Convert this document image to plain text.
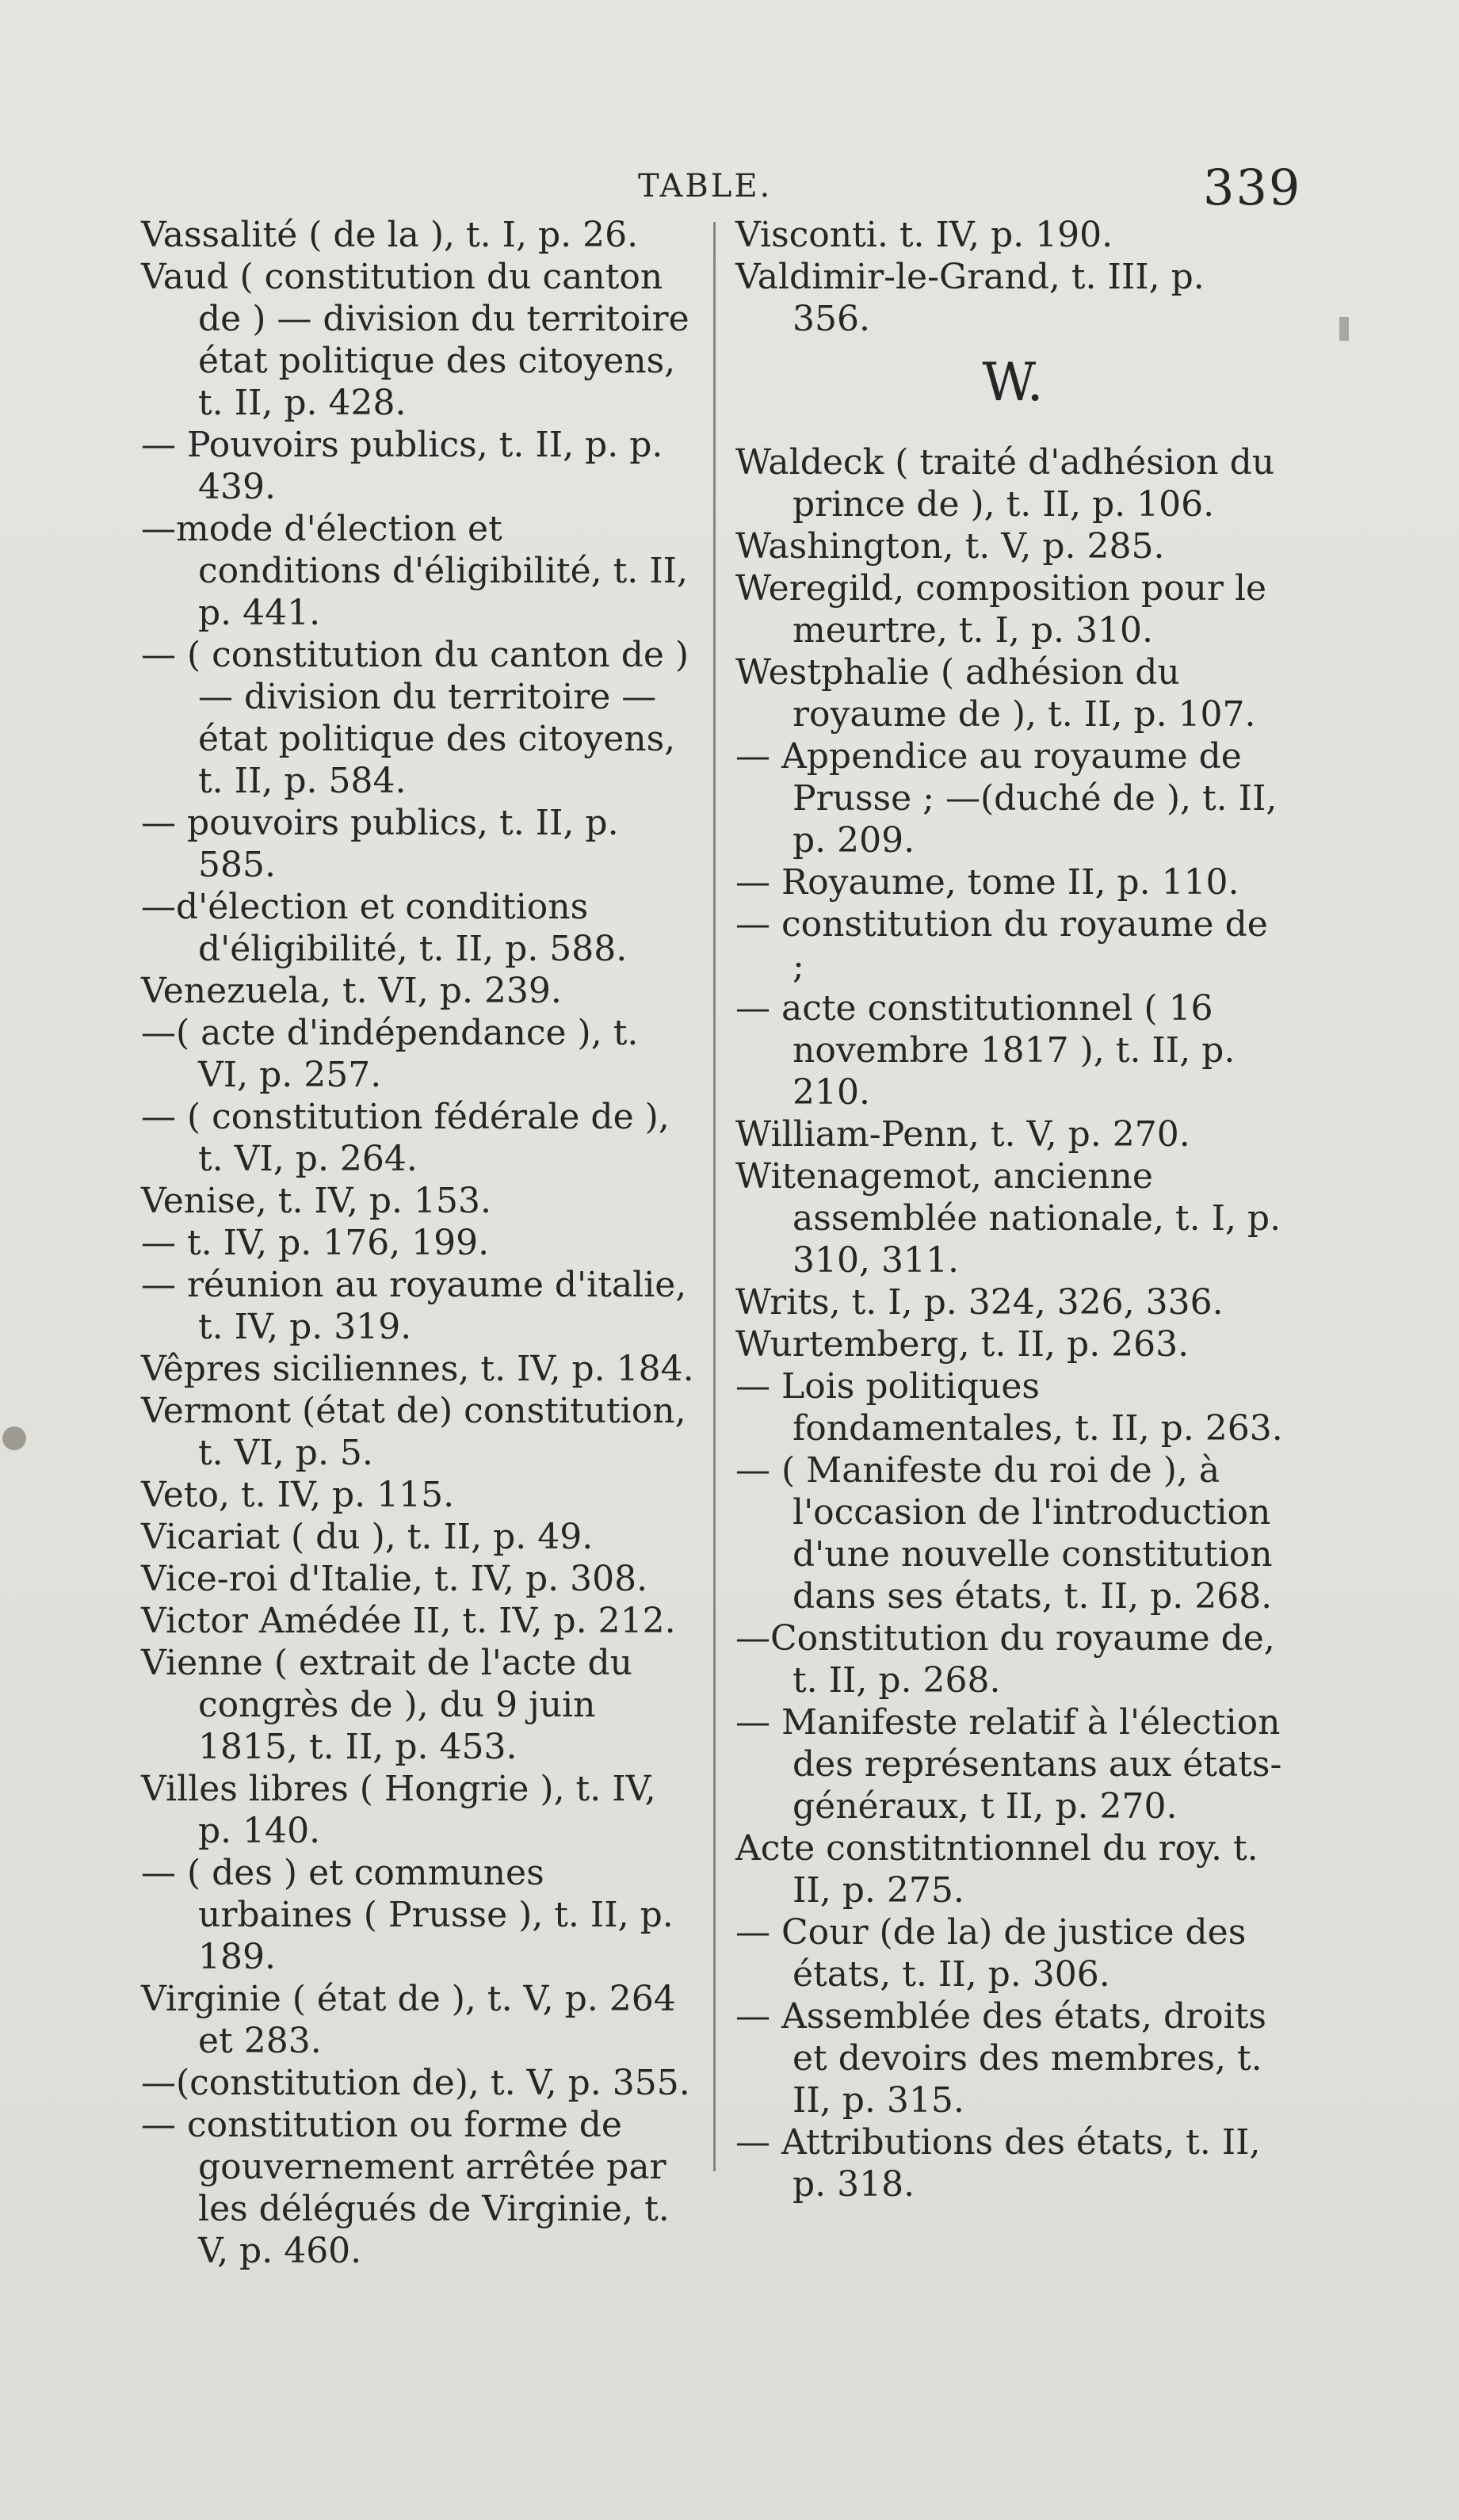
TABLE.	339
Vassalité ( de la ), t. I, p. 26.
Vaud ( constitution du canton de ) — division du territoire état politique des citoyens, t. II, p. 428.
— Pouvoirs publics, t. II, p. p. 439.
—mode d'élection et conditions d'éligibilité, t. II, p. 441.
— ( constitution du canton de ) — division du territoire — état politique des citoyens, t. II, p. 584.
— pouvoirs publics, t. II, p. 585.
—d'élection et conditions d'éligibilité, t. II, p. 588.
Venezuela, t. VI, p. 239.
—( acte d'indépendance ), t. VI, p. 257.
— ( constitution fédérale de ), t. VI, p. 264.
Venise, t. IV, p. 153.
— t. IV, p. 176, 199.
— réunion au royaume d'italie, t. IV, p. 319.
Vêpres siciliennes, t. IV, p. 184.
Vermont (état de) constitution, t. VI, p. 5.
Veto, t. IV, p. 115.
Vicariat ( du ), t. II, p. 49.
Vice-roi d'Italie, t. IV, p. 308.
Victor Amédée II, t. IV, p. 212.
Vienne ( extrait de l'acte du congrès de ), du 9 juin 1815, t. II, p. 453.
Villes libres ( Hongrie ), t. IV, p. 140.
— ( des ) et communes urbaines ( Prusse ), t. II, p. 189.
Virginie ( état de ), t. V, p. 264 et 283.
—(constitution de), t. V, p. 355.
— constitution ou forme de gouvernement arrêtée par les délégués de Virginie, t. V, p. 460.
Visconti. t. IV, p. 190.
Valdimir-le-Grand, t. III, p. 356.
W.
Waldeck ( traité d'adhésion du prince de ), t. II, p. 106.
Washington, t. V, p. 285.
Weregild, composition pour le meurtre, t. I, p. 310.
Westphalie ( adhésion du royaume de ), t. II, p. 107.
— Appendice au royaume de Prusse ; —(duché de ), t. II, p. 209.
— Royaume, tome II, p. 110.
— constitution du royaume de ;
— acte constitutionnel ( 16 novembre 1817 ), t. II, p. 210.
William-Penn, t. V, p. 270.
Witenagemot, ancienne assemblée nationale, t. I, p. 310, 311.
Writs, t. I, p. 324, 326, 336.
Wurtemberg, t. II, p. 263.
— Lois politiques fondamentales, t. II, p. 263.
— ( Manifeste du roi de ), à l'occasion de l'introduction d'une nouvelle constitution dans ses états, t. II, p. 268.
—Constitution du royaume de, t. II, p. 268.
— Manifeste relatif à l'élection des représentans aux états-généraux, t II, p. 270.
Acte constitntionnel du roy. t. II, p. 275.
— Cour (de la) de justice des états, t. II, p. 306.
— Assemblée des états, droits et devoirs des membres, t. II, p. 315.
— Attributions des états, t. II, p. 318.
